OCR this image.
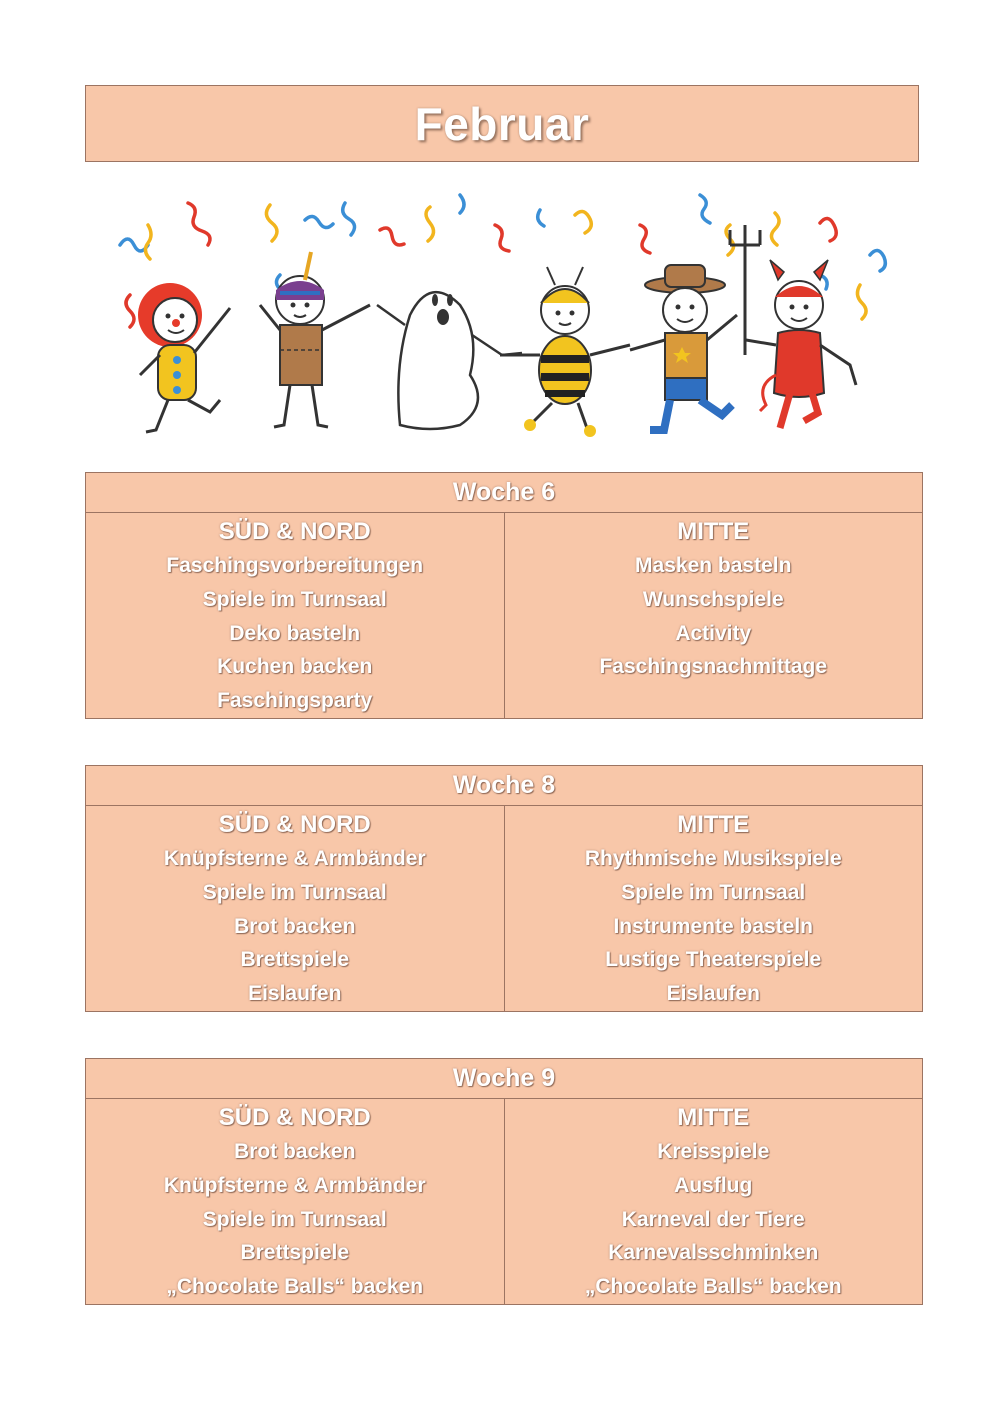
Februar
Woche 6
SÜD & NORD
Faschingsvorbereitungen
Spiele im Turnsaal
Deko basteln
Kuchen backen
Faschingsparty
MITTE
Masken basteln
Wunschspiele
Activity
Faschingsnachmittage
Woche 8
SÜD & NORD
Knüpfsterne & Armbänder
Spiele im Turnsaal
Brot backen
Brettspiele
Eislaufen
MITTE
Rhythmische Musikspiele
Spiele im Turnsaal
Instrumente basteln
Lustige Theaterspiele
Eislaufen
Woche 9
SÜD & NORD
Brot backen
Knüpfsterne & Armbänder
Spiele im Turnsaal
Brettspiele
„Chocolate Balls“ backen
MITTE
Kreisspiele
Ausflug
Karneval der Tiere
Karnevalsschminken
„Chocolate Balls“ backen
